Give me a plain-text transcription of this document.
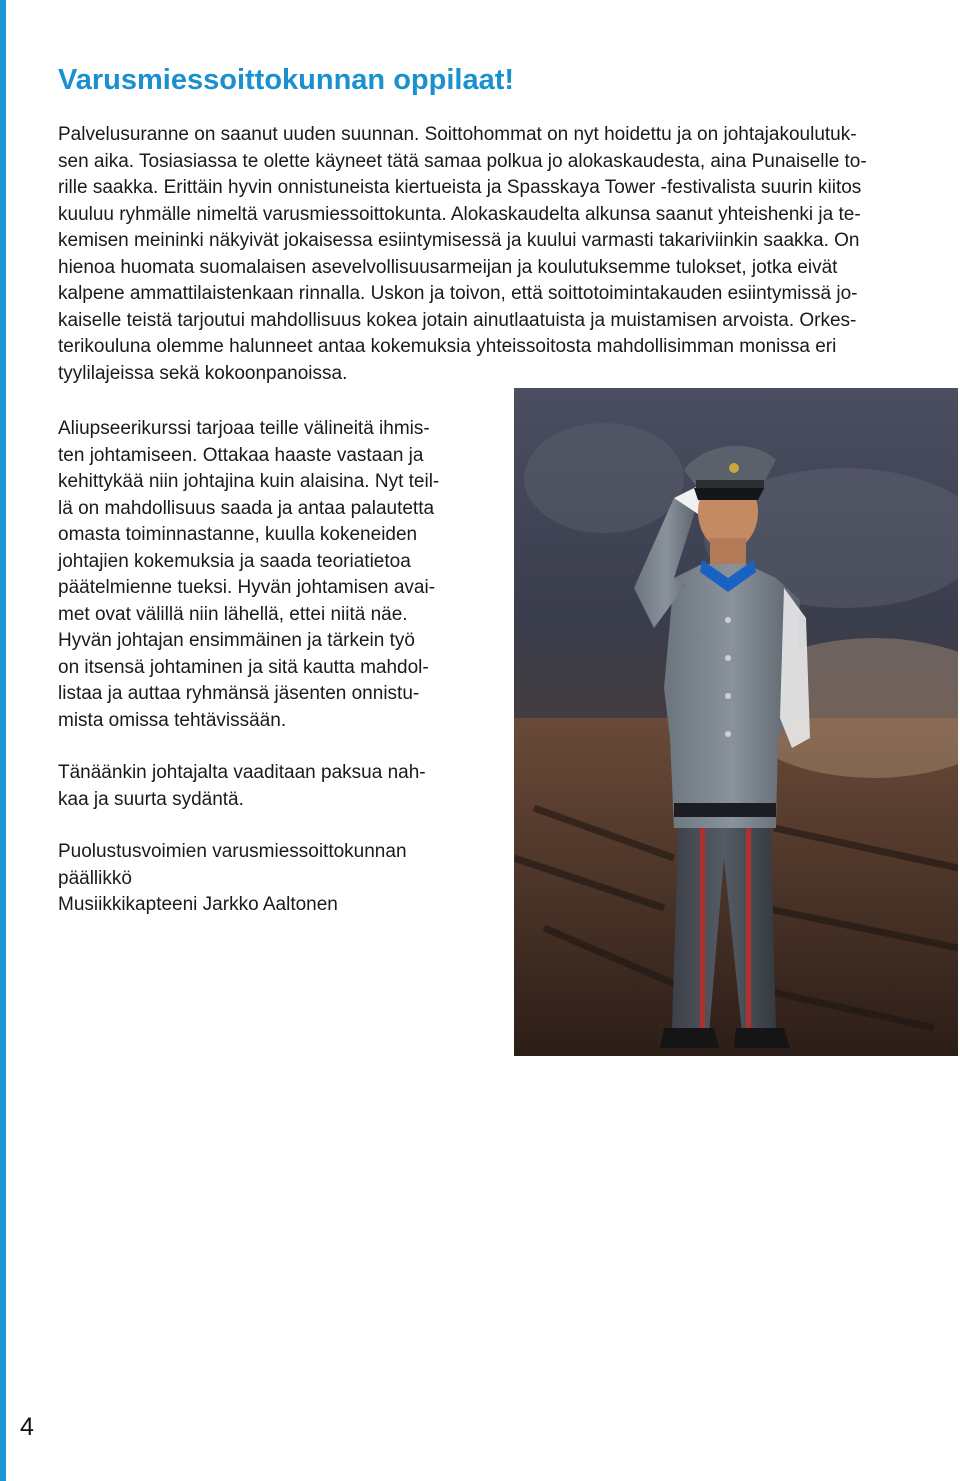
Varusmiessoittokunnan oppilaat!
Palvelusuranne on saanut uuden suunnan. Soittohommat on nyt hoidettu ja on johtajakoulutuk-
sen aika. Tosiasiassa te olette käyneet tätä samaa polkua jo alokaskaudesta, aina Punaiselle to-
rille saakka. Erittäin hyvin onnistuneista kiertueista ja Spasskaya Tower -festivalista suurin kiitos
kuuluu ryhmälle nimeltä varusmiessoittokunta. Alokaskaudelta alkunsa saanut yhteishenki ja te-
kemisen meininki näkyivät jokaisessa esiintymisessä ja kuului varmasti takariviinkin saakka. On
hienoa huomata suomalaisen asevelvollisuusarmeijan ja koulutuksemme tulokset, jotka eivät
kalpene ammattilaistenkaan rinnalla. Uskon ja toivon, että soittotoimintakauden esiintymissä jo-
kaiselle teistä tarjoutui mahdollisuus kokea jotain ainutlaatuista ja muistamisen arvoista. Orkes-
terikouluna olemme halunneet antaa kokemuksia yhteissoitosta mahdollisimman monissa eri
tyylilajeissa sekä kokoonpanoissa.
Aliupseerikurssi tarjoaa teille välineitä ihmis-
ten johtamiseen. Ottakaa haaste vastaan ja
kehittykää niin johtajina kuin alaisina. Nyt teil-
lä on mahdollisuus saada ja antaa palautetta
omasta toiminnastanne, kuulla kokeneiden
johtajien kokemuksia ja saada teoriatietoa
päätelmienne tueksi. Hyvän johtamisen avai-
met ovat välillä niin lähellä, ettei niitä näe.
Hyvän johtajan ensimmäinen ja tärkein työ
on itsensä johtaminen ja sitä kautta mahdol-
listaa ja auttaa ryhmänsä jäsenten onnistu-
mista omissa tehtävissään.
Tänäänkin johtajalta vaaditaan paksua nah-
kaa ja suurta sydäntä.
Puolustusvoimien varusmiessoittokunnan
päällikkö
Musiikkikapteeni Jarkko Aaltonen
4
